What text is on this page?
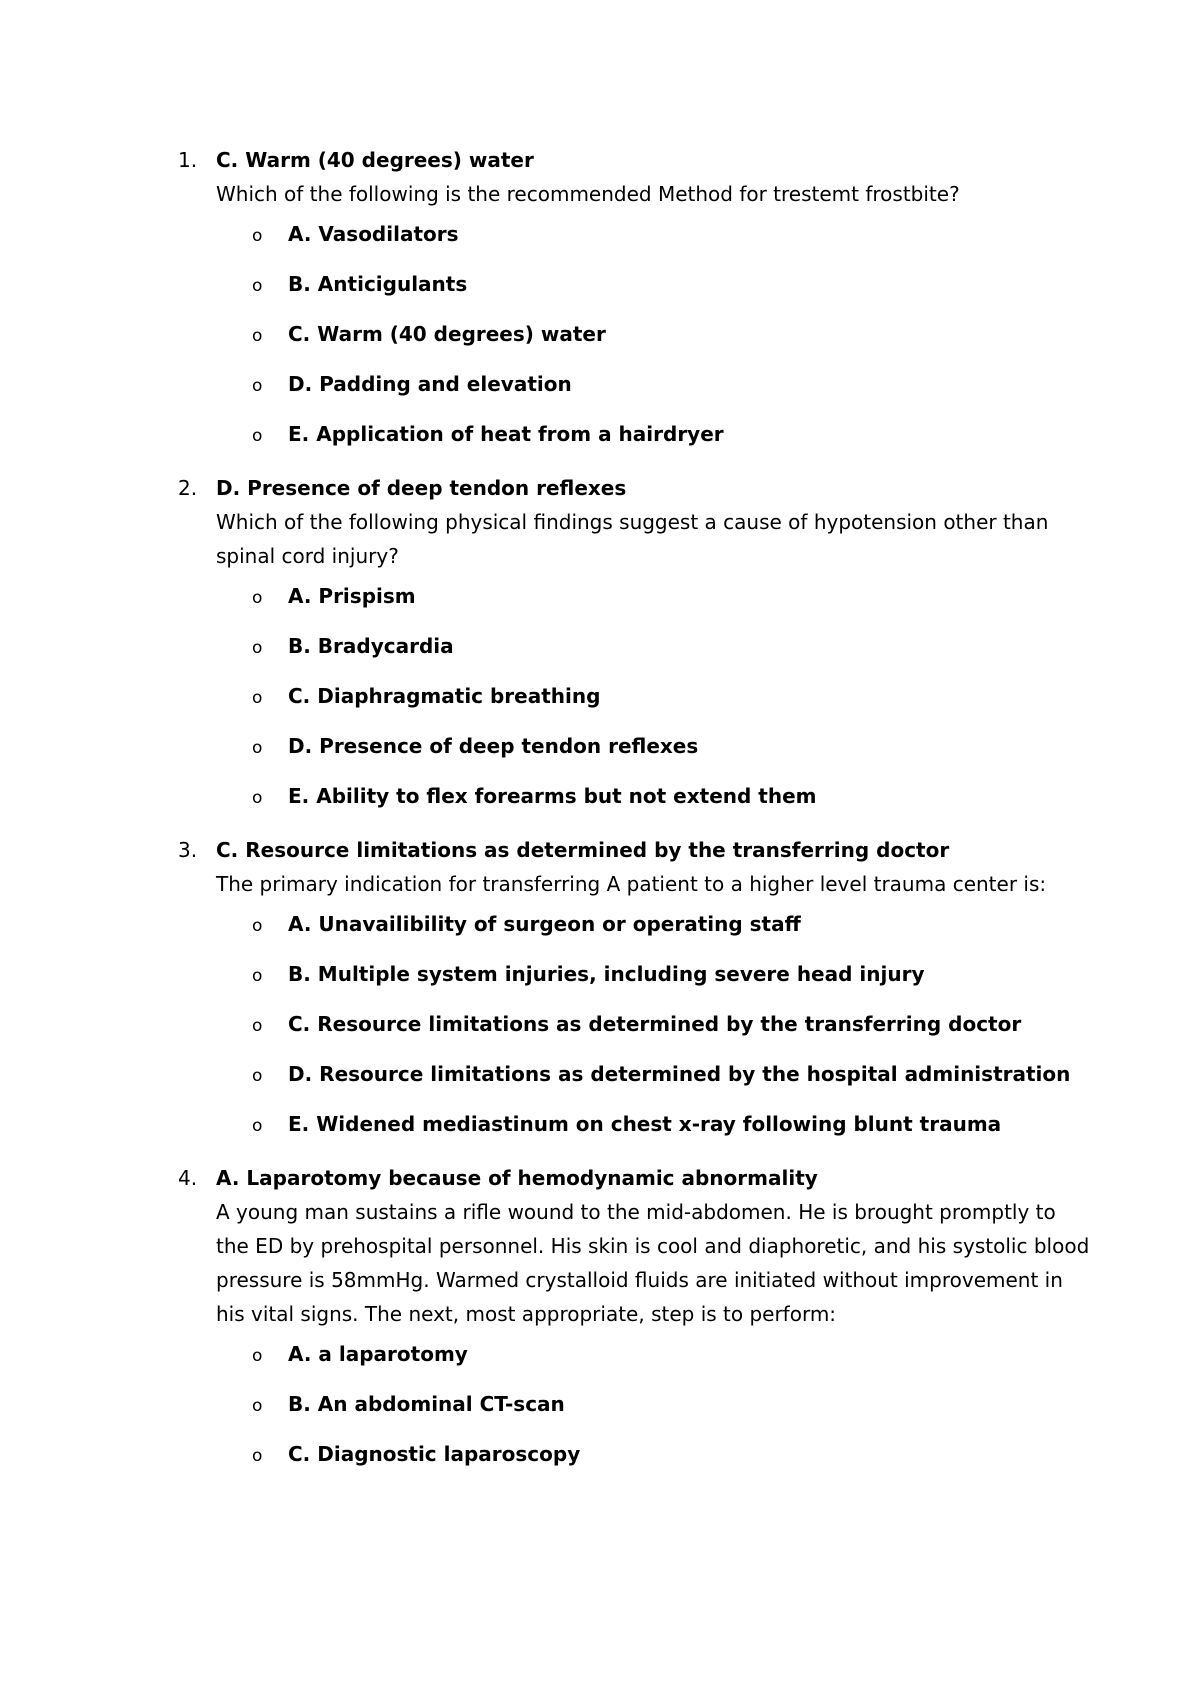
1. C. Warm (40 degrees) water
Which of the following is the recommended Method for trestemt frostbite?
o A. Vasodilators
o B. Anticigulants
o C. Warm (40 degrees) water
o D. Padding and elevation
o E. Application of heat from a hairdryer
2. D. Presence of deep tendon reflexes
Which of the following physical findings suggest a cause of hypotension other than spinal cord injury?
o A. Prispism
o B. Bradycardia
o C. Diaphragmatic breathing
o D. Presence of deep tendon reflexes
o E. Ability to flex forearms but not extend them
3. C. Resource limitations as determined by the transferring doctor
The primary indication for transferring A patient to a higher level trauma center is:
o A. Unavailibility of surgeon or operating staff
o B. Multiple system injuries, including severe head injury
o C. Resource limitations as determined by the transferring doctor
o D. Resource limitations as determined by the hospital administration
o E. Widened mediastinum on chest x-ray following blunt trauma
4. A. Laparotomy because of hemodynamic abnormality
A young man sustains a rifle wound to the mid-abdomen. He is brought promptly to the ED by prehospital personnel. His skin is cool and diaphoretic, and his systolic blood pressure is 58mmHg. Warmed crystalloid fluids are initiated without improvement in his vital signs. The next, most appropriate, step is to perform:
o A. a laparotomy
o B. An abdominal CT-scan
o C. Diagnostic laparoscopy
